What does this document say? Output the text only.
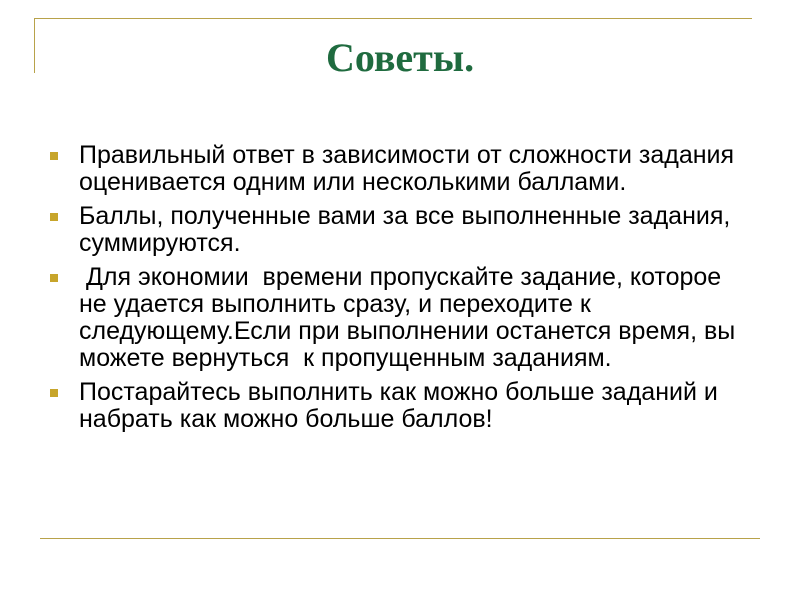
Советы.
Правильный ответ в зависимости от сложности задания  оценивается одним или несколькими баллами.
Баллы, полученные вами за все выполненные задания, суммируются.
Для экономии  времени пропускайте задание, которое не удается выполнить сразу, и переходите к следующему.Если при выполнении останется время, вы можете вернуться  к пропущенным заданиям.
Постарайтесь выполнить как можно больше заданий и набрать как можно больше баллов!
